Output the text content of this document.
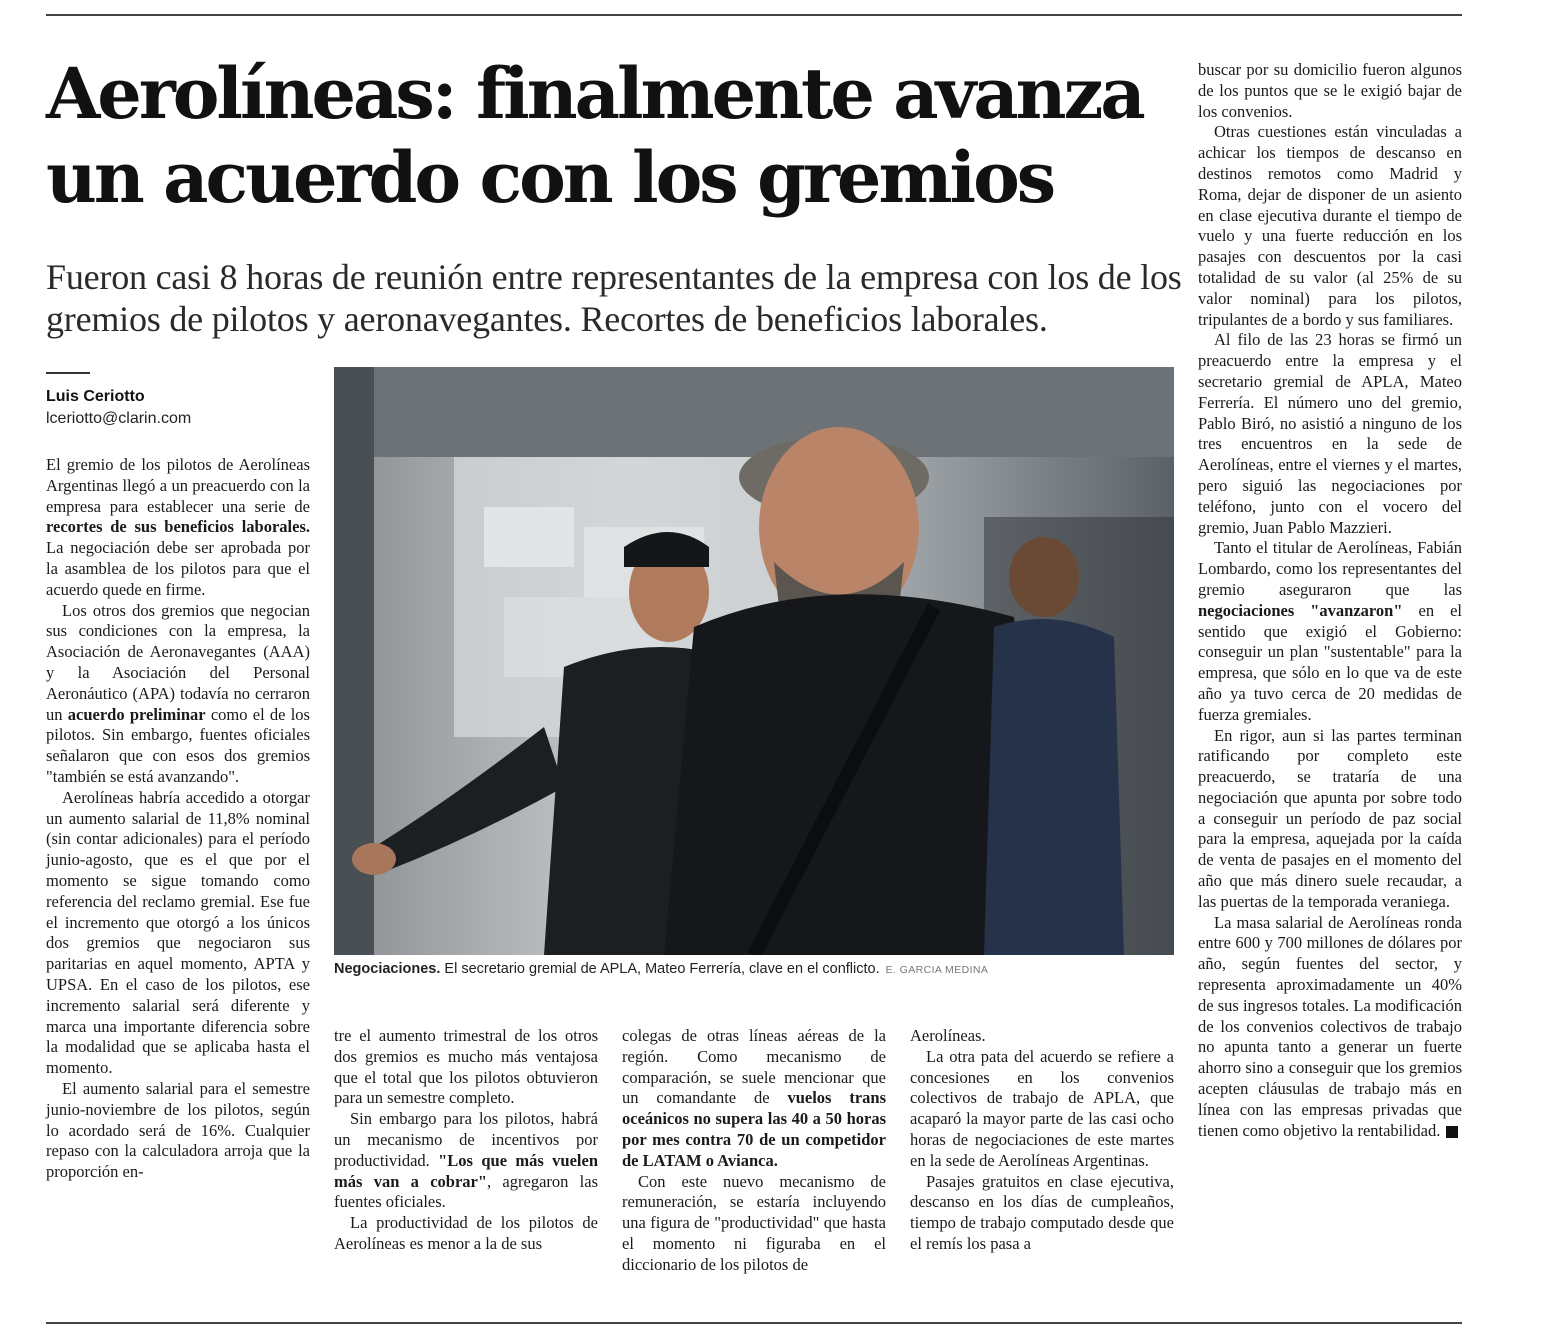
Aerolíneas: finalmente avanza
un acuerdo con los gremios
Fueron casi 8 horas de reunión entre representantes de la empresa con los de los gremios de pilotos y aeronavegantes. Recortes de beneficios laborales.
Luis Ceriotto
lceriotto@clarin.com

El gremio de los pilotos de Aerolíneas Argentinas llegó a un preacuerdo con la empresa para establecer una serie de recortes de sus beneficios laborales. La negociación debe ser aprobada por la asamblea de los pilotos para que el acuerdo quede en firme.

Los otros dos gremios que negocian sus condiciones con la empresa, la Asociación de Aeronavegantes (AAA) y la Asociación del Personal Aeronáutico (APA) todavía no cerraron un acuerdo preliminar como el de los pilotos. Sin embargo, fuentes oficiales señalaron que con esos dos gremios "también se está avanzando".

Aerolíneas habría accedido a otorgar un aumento salarial de 11,8% nominal (sin contar adicionales) para el período junio-agosto, que es el que por el momento se sigue tomando como referencia del reclamo gremial. Ese fue el incremento que otorgó a los únicos dos gremios que negociaron sus paritarias en aquel momento, APTA y UPSA. En el caso de los pilotos, ese incremento salarial será diferente y marca una importante diferencia sobre la modalidad que se aplicaba hasta el momento.

El aumento salarial para el semestre junio-noviembre de los pilotos, según lo acordado será de 16%. Cualquier repaso con la calculadora arroja que la proporción en-

Negociaciones. El secretario gremial de APLA, Mateo Ferrería, clave en el conflicto. E. GARCIA MEDINA

tre el aumento trimestral de los otros dos gremios es mucho más ventajosa que el total que los pilotos obtuvieron para un semestre completo.

Sin embargo para los pilotos, habrá un mecanismo de incentivos por productividad. "Los que más vuelen más van a cobrar", agregaron las fuentes oficiales.

La productividad de los pilotos de Aerolíneas es menor a la de sus

colegas de otras líneas aéreas de la región. Como mecanismo de comparación, se suele mencionar que un comandante de vuelos trans oceánicos no supera las 40 a 50 horas por mes contra 70 de un competidor de LATAM o Avianca.

Con este nuevo mecanismo de remuneración, se estaría incluyendo una figura de "productividad" que hasta el momento ni figuraba en el diccionario de los pilotos de

Aerolíneas.

La otra pata del acuerdo se refiere a concesiones en los convenios colectivos de trabajo de APLA, que acaparó la mayor parte de las casi ocho horas de negociaciones de este martes en la sede de Aerolíneas Argentinas.

Pasajes gratuitos en clase ejecutiva, descanso en los días de cumpleaños, tiempo de trabajo computado desde que el remís los pasa a

buscar por su domicilio fueron algunos de los puntos que se le exigió bajar de los convenios.

Otras cuestiones están vinculadas a achicar los tiempos de descanso en destinos remotos como Madrid y Roma, dejar de disponer de un asiento en clase ejecutiva durante el tiempo de vuelo y una fuerte reducción en los pasajes con descuentos por la casi totalidad de su valor (al 25% de su valor nominal) para los pilotos, tripulantes de a bordo y sus familiares.

Al filo de las 23 horas se firmó un preacuerdo entre la empresa y el secretario gremial de APLA, Mateo Ferrería. El número uno del gremio, Pablo Biró, no asistió a ninguno de los tres encuentros en la sede de Aerolíneas, entre el viernes y el martes, pero siguió las negociaciones por teléfono, junto con el vocero del gremio, Juan Pablo Mazzieri.

Tanto el titular de Aerolíneas, Fabián Lombardo, como los representantes del gremio aseguraron que las negociaciones "avanzaron" en el sentido que exigió el Gobierno: conseguir un plan "sustentable" para la empresa, que sólo en lo que va de este año ya tuvo cerca de 20 medidas de fuerza gremiales.

En rigor, aun si las partes terminan ratificando por completo este preacuerdo, se trataría de una negociación que apunta por sobre todo a conseguir un período de paz social para la empresa, aquejada por la caída de venta de pasajes en el momento del año que más dinero suele recaudar, a las puertas de la temporada veraniega.

La masa salarial de Aerolíneas ronda entre 600 y 700 millones de dólares por año, según fuentes del sector, y representa aproximadamente un 40% de sus ingresos totales. La modificación de los convenios colectivos de trabajo no apunta tanto a generar un fuerte ahorro sino a conseguir que los gremios acepten cláusulas de trabajo más en línea con las empresas privadas que tienen como objetivo la rentabilidad.
